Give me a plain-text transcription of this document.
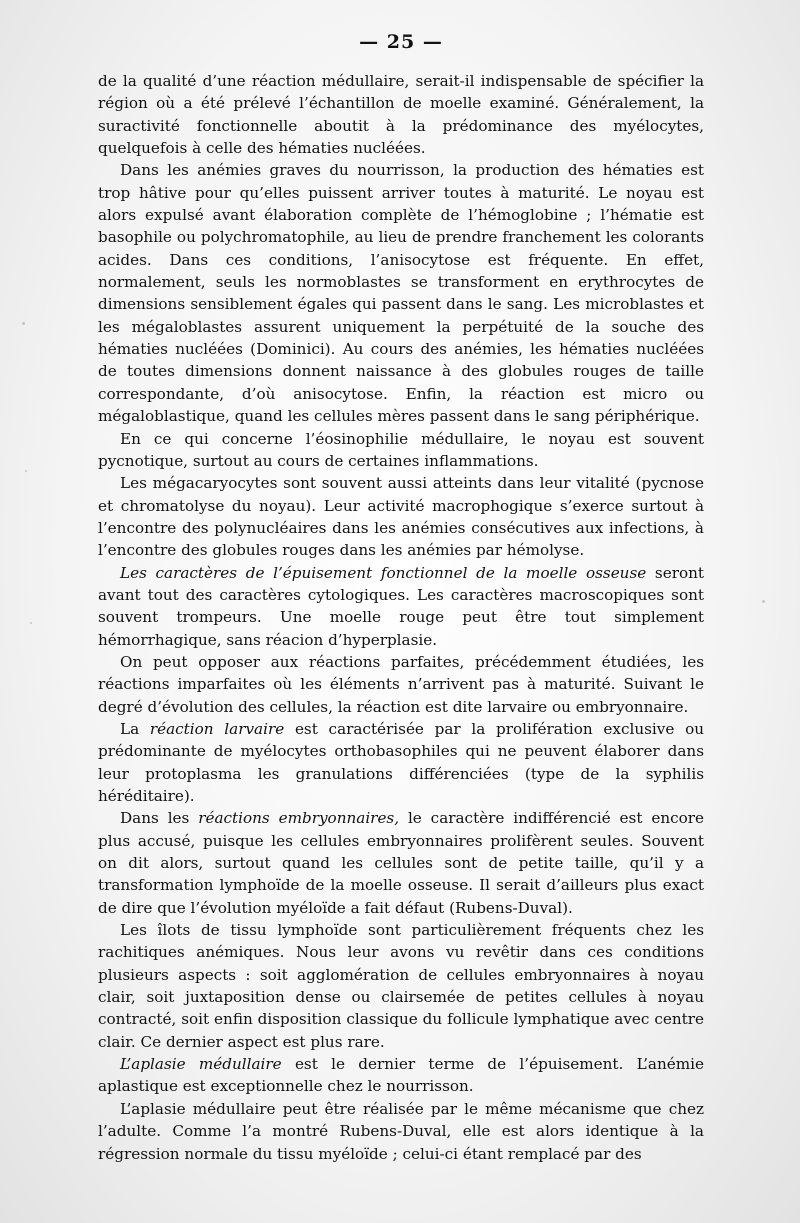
— 25 —

de la qualité d’une réaction médullaire, serait-il indispensable de spécifier la région où a été prélevé l’échantillon de moelle examiné. Généralement, la suractivité fonctionnelle aboutit à la prédominance des myélocytes, quelquefois à celle des hématies nucléées.

Dans les anémies graves du nourrisson, la production des hématies est trop hâtive pour qu’elles puissent arriver toutes à maturité. Le noyau est alors expulsé avant élaboration complète de l’hémoglobine ; l’hématie est basophile ou polychromatophile, au lieu de prendre franchement les colorants acides. Dans ces conditions, l’anisocytose est fréquente. En effet, normalement, seuls les normoblastes se transforment en erythrocytes de dimensions sensiblement égales qui passent dans le sang. Les microblastes et les mégaloblastes assurent uniquement la perpétuité de la souche des hématies nucléées (Dominici). Au cours des anémies, les hématies nucléées de toutes dimensions donnent naissance à des globules rouges de taille correspondante, d’où anisocytose. Enfin, la réaction est micro ou mégaloblastique, quand les cellules mères passent dans le sang périphérique.

En ce qui concerne l’éosinophilie médullaire, le noyau est souvent pycnotique, surtout au cours de certaines inflammations.

Les mégacaryocytes sont souvent aussi atteints dans leur vitalité (pycnose et chromatolyse du noyau). Leur activité macrophogique s’exerce surtout à l’encontre des polynucléaires dans les anémies consécutives aux infections, à l’encontre des globules rouges dans les anémies par hémolyse.

Les caractères de l’épuisement fonctionnel de la moelle osseuse seront avant tout des caractères cytologiques. Les caractères macroscopiques sont souvent trompeurs. Une moelle rouge peut être tout simplement hémorrhagique, sans réacion d’hyperplasie.

On peut opposer aux réactions parfaites, précédemment étudiées, les réactions imparfaites où les éléments n’arrivent pas à maturité. Suivant le degré d’évolution des cellules, la réaction est dite larvaire ou embryonnaire.

La réaction larvaire est caractérisée par la prolifération exclusive ou prédominante de myélocytes orthobasophiles qui ne peuvent élaborer dans leur protoplasma les granulations différenciées (type de la syphilis héréditaire).

Dans les réactions embryonnaires, le caractère indifférencié est encore plus accusé, puisque les cellules embryonnaires prolifèrent seules. Souvent on dit alors, surtout quand les cellules sont de petite taille, qu’il y a transformation lymphoïde de la moelle osseuse. Il serait d’ailleurs plus exact de dire que l’évolution myéloïde a fait défaut (Rubens-Duval).

Les îlots de tissu lymphoïde sont particulièrement fréquents chez les rachitiques anémiques. Nous leur avons vu revêtir dans ces conditions plusieurs aspects : soit agglomération de cellules embryonnaires à noyau clair, soit juxtaposition dense ou clairsemée de petites cellules à noyau contracté, soit enfin disposition classique du follicule lymphatique avec centre clair. Ce dernier aspect est plus rare.

L’aplasie médullaire est le dernier terme de l’épuisement. L’anémie aplastique est exceptionnelle chez le nourrisson.

L’aplasie médullaire peut être réalisée par le même mécanisme que chez l’adulte. Comme l’a montré Rubens-Duval, elle est alors identique à la régression normale du tissu myéloïde ; celui-ci étant remplacé par des
